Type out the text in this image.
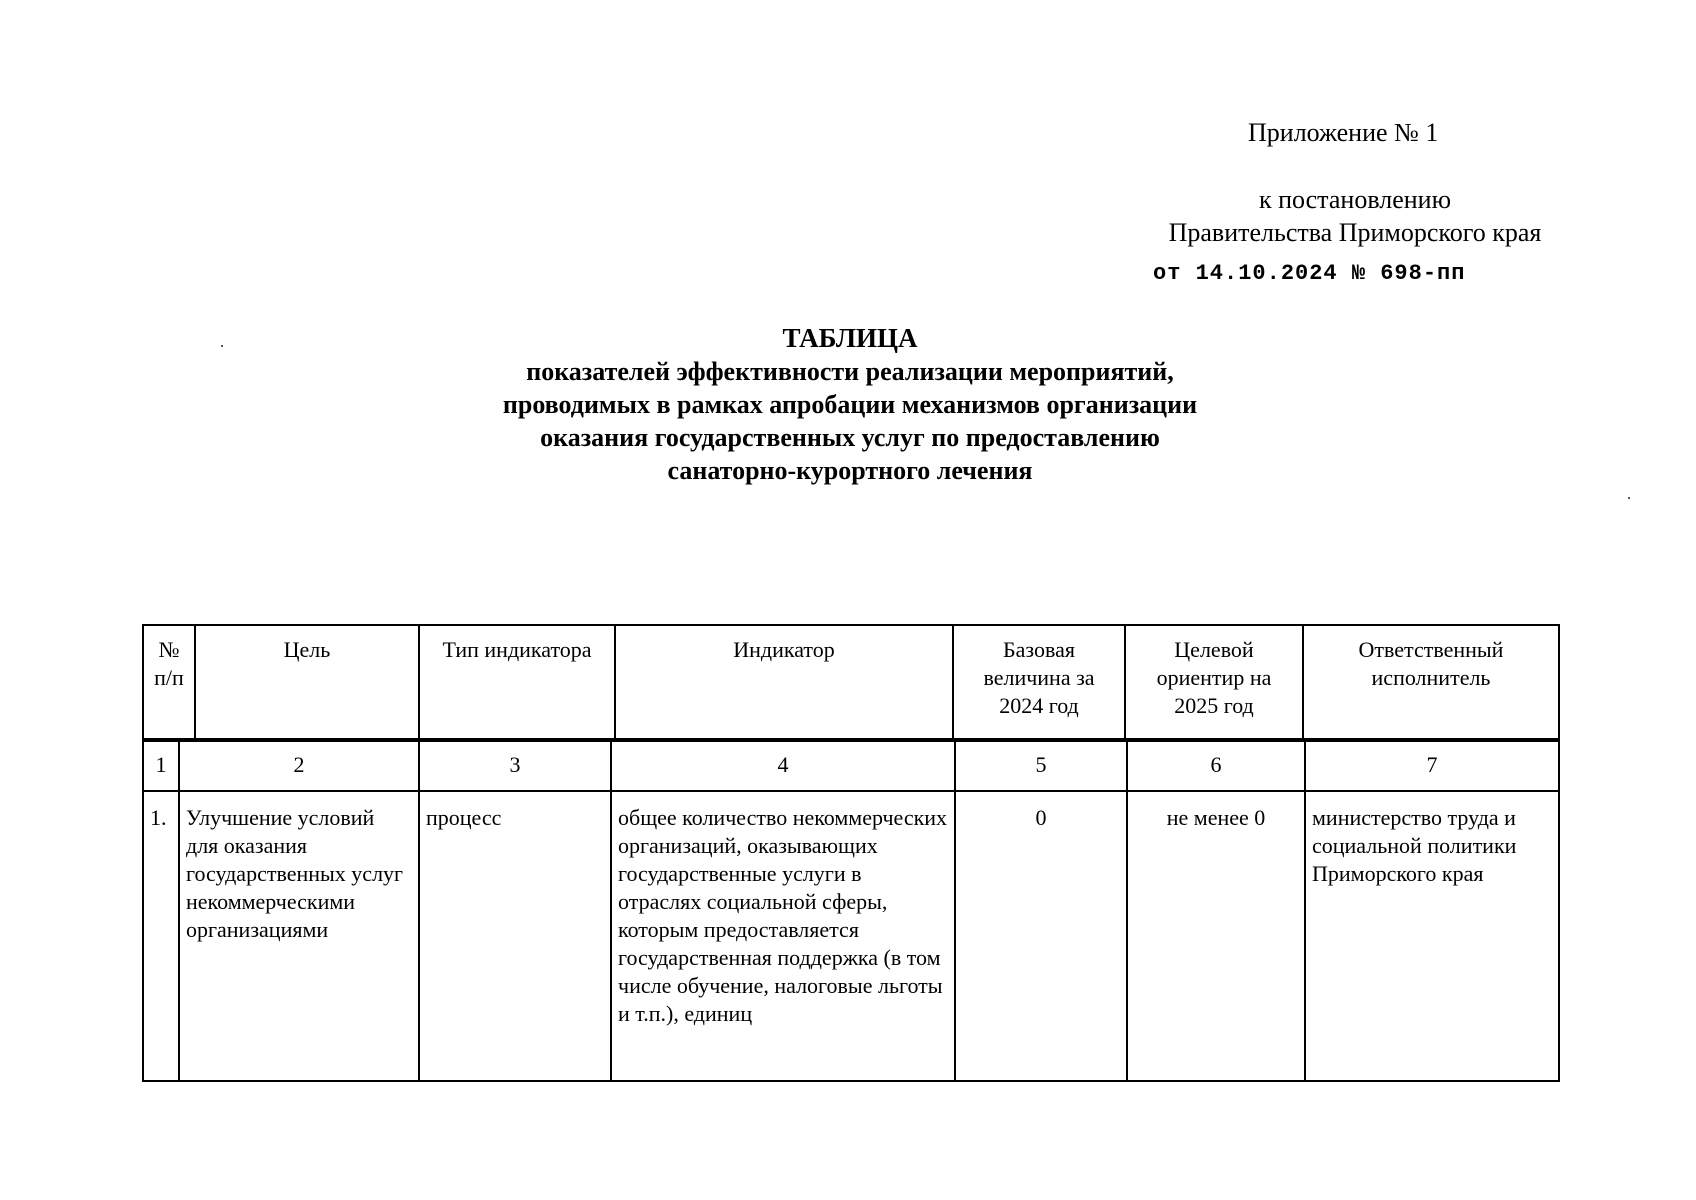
Приложение № 1
к постановлению
Правительства Приморского края
от 14.10.2024 № 698-пп
ТАБЛИЦА
показателей эффективности реализации мероприятий,
проводимых в рамках апробации механизмов организации
оказания государственных услуг по предоставлению
санаторно-курортного лечения
№ п/п	Цель	Тип индикатора	Индикатор	Базовая величина за 2024 год	Целевой ориентир на 2025 год	Ответственный исполнитель
1	2	3	4	5	6	7
1.	Улучшение условий для оказания государственных услуг некоммерческими организациями	процесс	общее количество некоммерческих организаций, оказывающих государственные услуги в отраслях социальной сферы, которым предоставляется государственная поддержка (в том числе обучение, налоговые льготы и т.п.), единиц	0	не менее 0	министерство труда и социальной политики Приморского края
